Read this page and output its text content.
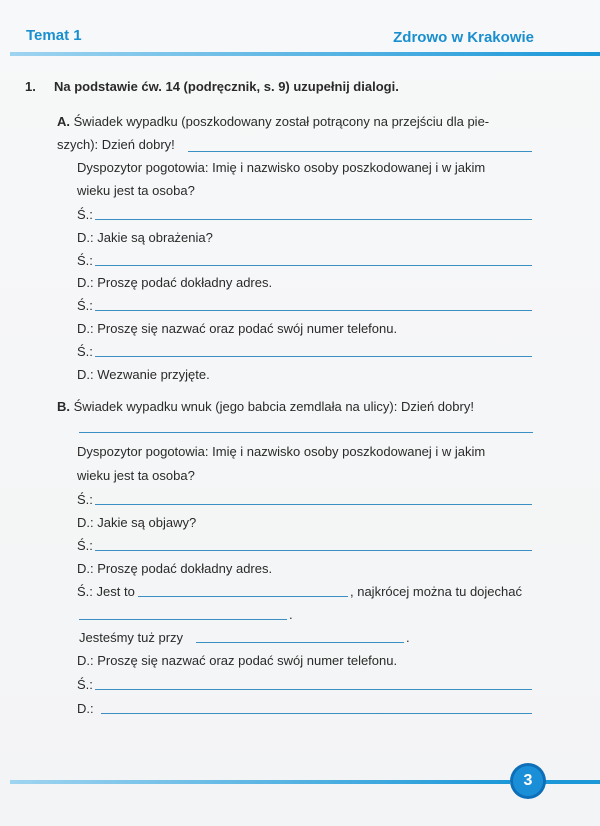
Temat 1	Zdrowo w Krakowie
1. Na podstawie ćw. 14 (podręcznik, s. 9) uzupełnij dialogi.
A. Świadek wypadku (poszkodowany został potrącony na przejściu dla pie-
szych): Dzień dobry!
Dyspozytor pogotowia: Imię i nazwisko osoby poszkodowanej i w jakim
wieku jest ta osoba?
Ś.:
D.: Jakie są obrażenia?
Ś.:
D.: Proszę podać dokładny adres.
Ś.:
D.: Proszę się nazwać oraz podać swój numer telefonu.
Ś.:
D.: Wezwanie przyjęte.
B. Świadek wypadku wnuk (jego babcia zemdlała na ulicy): Dzień dobry!
Dyspozytor pogotowia: Imię i nazwisko osoby poszkodowanej i w jakim
wieku jest ta osoba?
Ś.:
D.: Jakie są objawy?
Ś.:
D.: Proszę podać dokładny adres.
Ś.: Jest to	, najkrócej można tu dojechać
.
Jesteśmy tuż przy	.
D.: Proszę się nazwać oraz podać swój numer telefonu.
Ś.:
D.:
3
